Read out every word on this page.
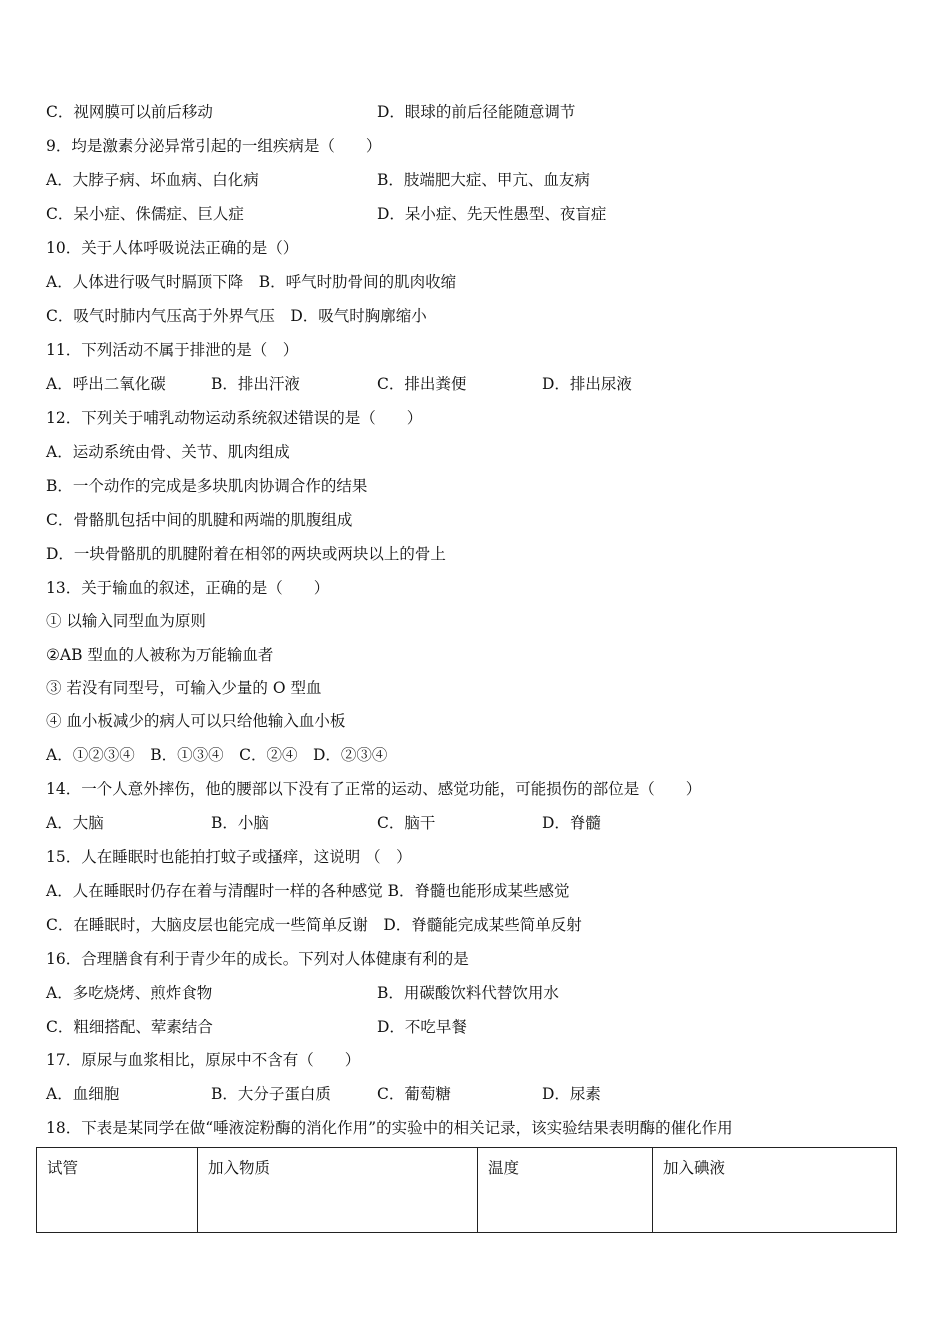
C．视网膜可以前后移动	D．眼球的前后径能随意调节
9．均是激素分泌异常引起的一组疾病是（　　）
A．大脖子病、坏血病、白化病	B．肢端肥大症、甲亢、血友病
C．呆小症、侏儒症、巨人症	D．呆小症、先天性愚型、夜盲症
10．关于人体呼吸说法正确的是（）
A．人体进行吸气时膈顶下降　B．呼气时肋骨间的肌肉收缩
C．吸气时肺内气压高于外界气压　D．吸气时胸廓缩小
11．下列活动不属于排泄的是（　）
A．呼出二氧化碳	B．排出汗液	C．排出粪便	D．排出尿液
12．下列关于哺乳动物运动系统叙述错误的是（　　）
A．运动系统由骨、关节、肌肉组成
B．一个动作的完成是多块肌肉协调合作的结果
C．骨骼肌包括中间的肌腱和两端的肌腹组成
D．一块骨骼肌的肌腱附着在相邻的两块或两块以上的骨上
13．关于输血的叙述，正确的是（　　）
① 以输入同型血为原则
②AB 型血的人被称为万能输血者
③ 若没有同型号，可输入少量的 O 型血
④ 血小板减少的病人可以只给他输入血小板
A．①②③④　B．①③④　C．②④　D．②③④
14．一个人意外摔伤，他的腰部以下没有了正常的运动、感觉功能，可能损伤的部位是（　　）
A．大脑	B．小脑	C．脑干	D．脊髓
15．人在睡眠时也能拍打蚊子或搔痒，这说明 （　）
A．人在睡眠时仍存在着与清醒时一样的各种感觉 B．脊髓也能形成某些感觉
C．在睡眠时，大脑皮层也能完成一些简单反谢　D．脊髓能完成某些简单反射
16．合理膳食有利于青少年的成长。下列对人体健康有利的是
A．多吃烧烤、煎炸食物	B．用碳酸饮料代替饮用水
C．粗细搭配、荤素结合	D．不吃早餐
17．原尿与血浆相比，原尿中不含有（　　）
A．血细胞	B．大分子蛋白质	C．葡萄糖	D．尿素
18．下表是某同学在做“唾液淀粉酶的消化作用”的实验中的相关记录，该实验结果表明酶的催化作用
试管	加入物质	温度	加入碘液
